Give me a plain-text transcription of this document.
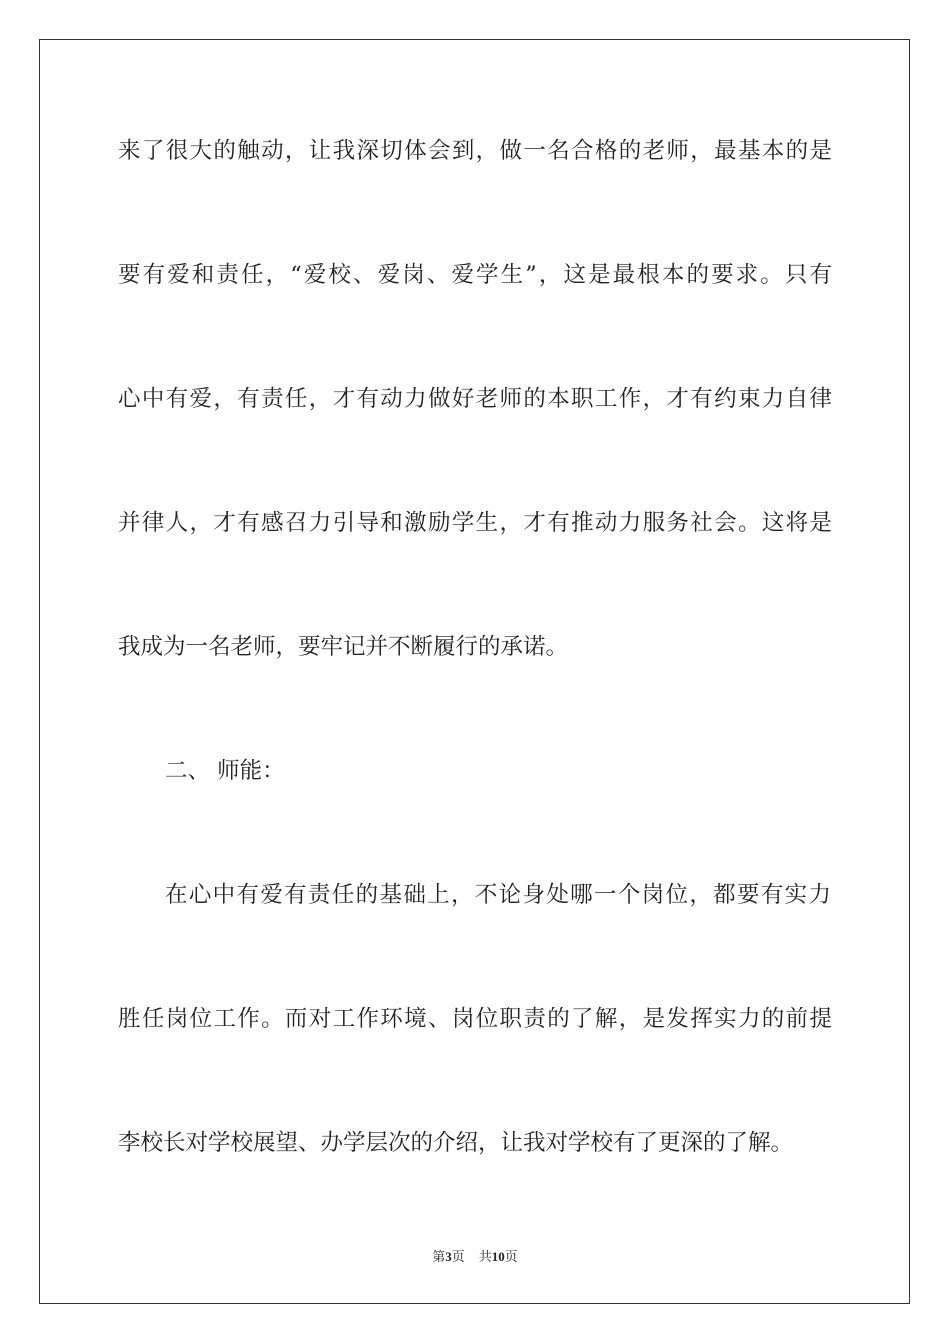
来了很大的触动，让我深切体会到，做一名合格的老师，最基本的是
要有爱和责任，“爱校、爱岗、爱学生”，这是最根本的要求。只有
心中有爱，有责任，才有动力做好老师的本职工作，才有约束力自律
并律人，才有感召力引导和激励学生，才有推动力服务社会。这将是
我成为一名老师，要牢记并不断履行的承诺。
二、 师能：
在心中有爱有责任的基础上，不论身处哪一个岗位，都要有实力
胜任岗位工作。而对工作环境、岗位职责的了解，是发挥实力的前提
李校长对学校展望、办学层次的介绍，让我对学校有了更深的了解。
第3页 共10页
